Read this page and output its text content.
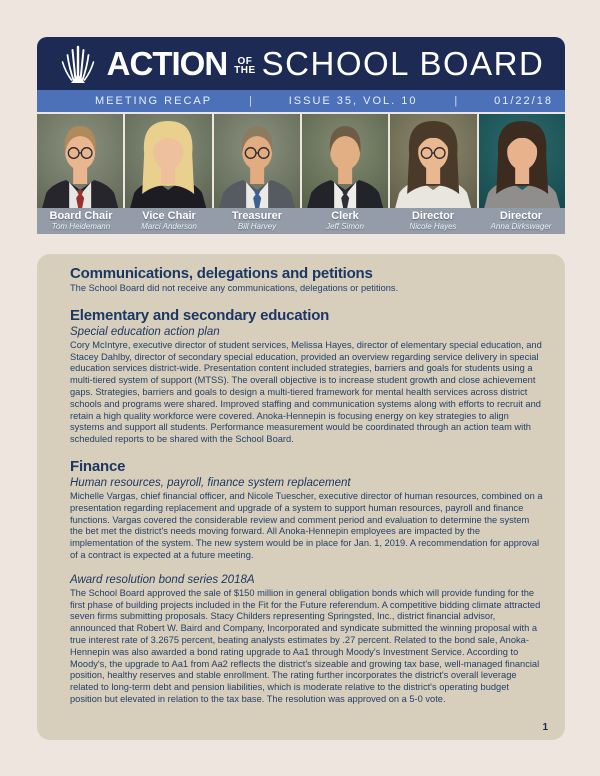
ACTION OF
THE SCHOOL BOARD
MEETING RECAP	|	ISSUE 35, VOL. 10	|	01/22/18
Board Chair
Tom Heidemann
Vice Chair
Marci Anderson
Treasurer
Bill Harvey
Clerk
Jeff Simon
Director
Nicole Hayes
Director
Anna Dirkswager
Communications, delegations and petitions

The School Board did not receive any communications, delegations or petitions.

Elementary and secondary education
Special education action plan

Cory McIntyre, executive director of student services, Melissa Hayes, director of elementary special education, and Stacey Dahlby, director of secondary special education, provided an overview regarding service delivery in special education services district-wide. Presentation content included strategies, barriers and goals for students using a multi-tiered system of support (MTSS). The overall objective is to increase student growth and close achievement gaps. Strategies, barriers and goals to design a multi-tiered framework for mental health services across district schools and programs were shared. Improved staffing and communication systems along with efforts to recruit and retain a high quality workforce were covered. Anoka-Hennepin is focusing energy on key strategies to align systems and support all students. Performance measurement would be coordinated through an action team with scheduled reports to be shared with the School Board.

Finance
Human resources, payroll, finance system replacement

Michelle Vargas, chief financial officer, and Nicole Tuescher, executive director of human resources, combined on a presentation regarding replacement and upgrade of a system to support human resources, payroll and finance functions. Vargas covered the considerable review and comment period and evaluation to determine the system the bet met the district's needs moving forward. All Anoka-Hennepin employees are impacted by the implementation of the system. The new system would be in place for Jan. 1, 2019. A recommendation for approval of a contract is expected at a future meeting.

Award resolution bond series 2018A

The School Board approved the sale of $150 million in general obligation bonds which will provide funding for the first phase of building projects included in the Fit for the Future referendum. A competitive bidding climate attracted seven firms submitting proposals. Stacy Childers representing Springsted, Inc., district financial advisor, announced that Robert W. Baird and Company, Incorporated and syndicate submitted the winning proposal with a true interest rate of 3.2675 percent, beating analysts estimates by .27 percent. Related to the bond sale, Anoka-Hennepin was also awarded a bond rating upgrade to Aa1 through Moody's Investment Service. According to Moody's, the upgrade to Aa1 from Aa2 reflects the district's sizeable and growing tax base, well-managed financial position, healthy reserves and stable enrollment. The rating further incorporates the district's overall leverage related to long-term debt and pension liabilities, which is moderate relative to the district's operating budget position but elevated in relation to the tax base. The resolution was approved on a 5-0 vote.

1
